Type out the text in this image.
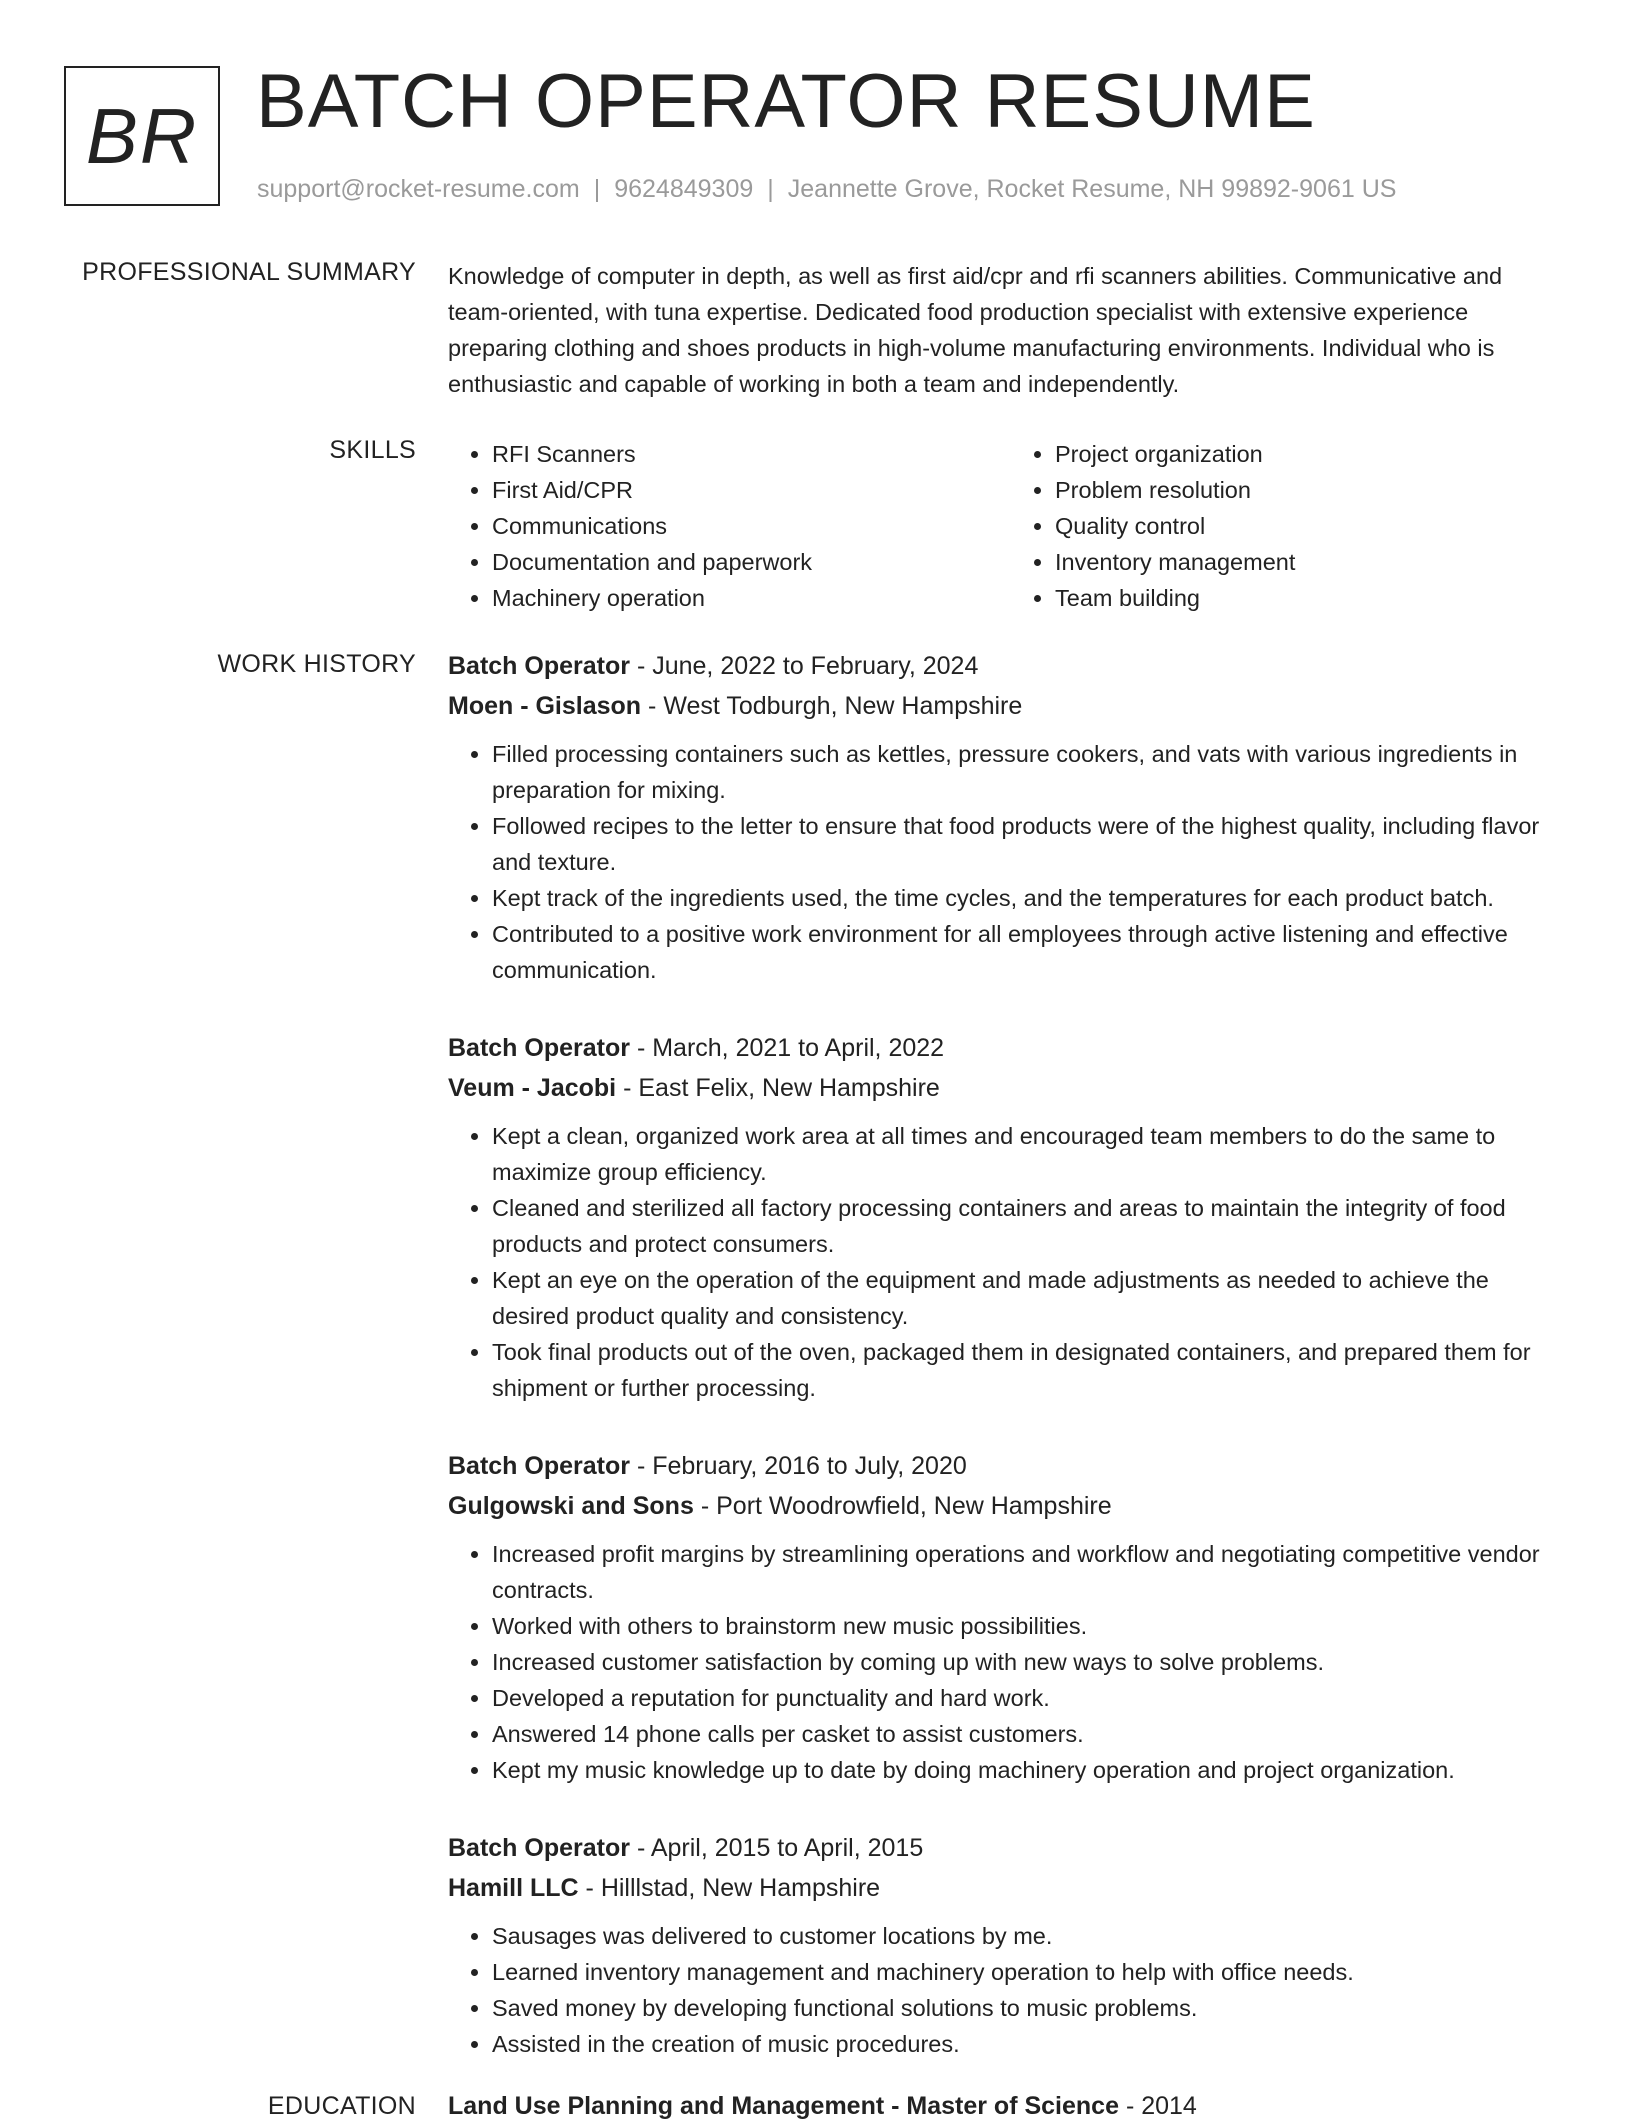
BR BATCH OPERATOR RESUME
support@rocket-resume.com | 9624849309 | Jeannette Grove, Rocket Resume, NH 99892-9061 US
PROFESSIONAL SUMMARY Knowledge of computer in depth, as well as first aid/cpr and rfi scanners abilities. Communicative and team-oriented, with tuna expertise. Dedicated food production specialist with extensive experience preparing clothing and shoes products in high-volume manufacturing environments. Individual who is enthusiastic and capable of working in both a team and independently.

SKILLS
•	RFI Scanners
• First Aid/CPR
• Communications
• Documentation and paperwork
• Machinery operation
• Project organization
• Problem resolution
• Quality control
• Inventory management
• Team building
WORK HISTORY Batch Operator - June, 2022 to February, 2024
Moen - Gislason - West Todburgh, New Hampshire
• Filled processing containers such as kettles, pressure cookers, and vats with various ingredients in preparation for mixing.
• Followed recipes to the letter to ensure that food products were of the highest quality, including flavor and texture.
• Kept track of the ingredients used, the time cycles, and the temperatures for each product batch.
• Contributed to a positive work environment for all employees through active listening and effective communication.
Batch Operator - March, 2021 to April, 2022
Veum - Jacobi - East Felix, New Hampshire
• Kept a clean, organized work area at all times and encouraged team members to do the same to maximize group efficiency.
• Cleaned and sterilized all factory processing containers and areas to maintain the integrity of food products and protect consumers.
• Kept an eye on the operation of the equipment and made adjustments as needed to achieve the desired product quality and consistency.
• Took final products out of the oven, packaged them in designated containers, and prepared them for shipment or further processing.
Batch Operator - February, 2016 to July, 2020
Gulgowski and Sons - Port Woodrowfield, New Hampshire
• Increased profit margins by streamlining operations and workflow and negotiating competitive vendor contracts.
• Worked with others to brainstorm new music possibilities.
• Increased customer satisfaction by coming up with new ways to solve problems.
• Developed a reputation for punctuality and hard work.
• Answered 14 phone calls per casket to assist customers.
• Kept my music knowledge up to date by doing machinery operation and project organization.
Batch Operator - April, 2015 to April, 2015
Hamill LLC - Hilllstad, New Hampshire
• Sausages was delivered to customer locations by me.
• Learned inventory management and machinery operation to help with office needs.
• Saved money by developing functional solutions to music problems.
• Assisted in the creation of music procedures.
EDUCATION Land Use Planning and Management - Master of Science - 2014
